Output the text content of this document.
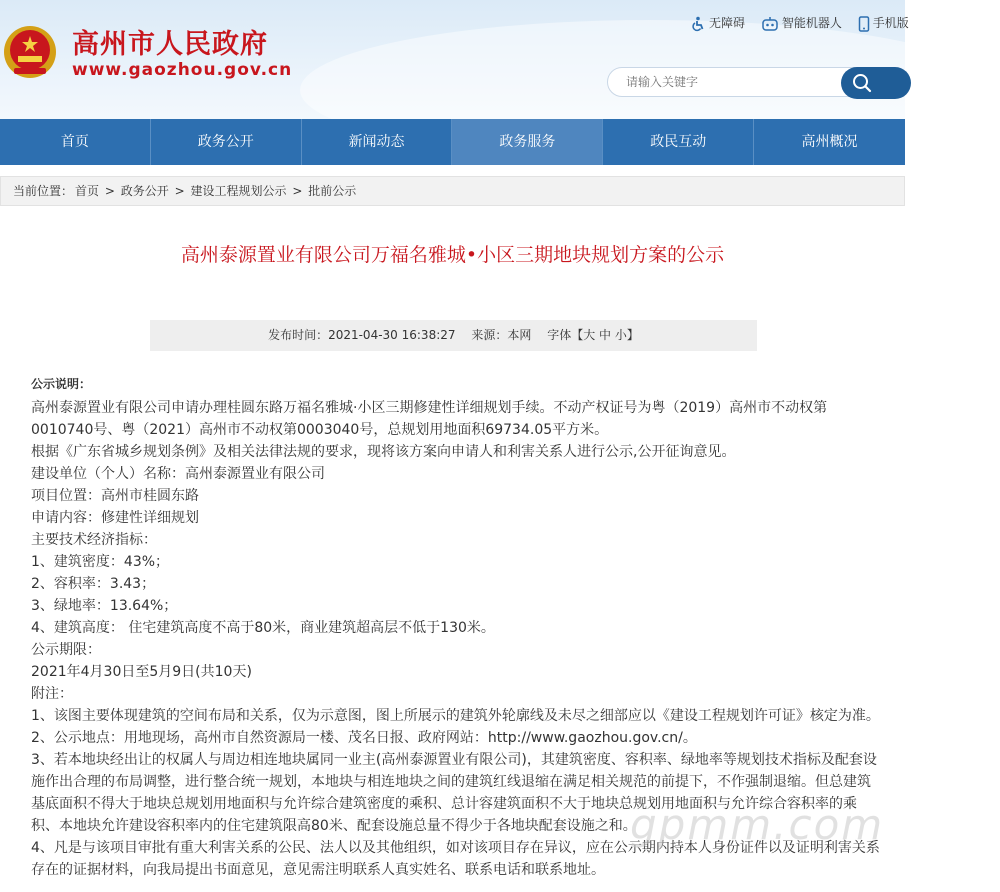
高州市人民政府
www.gaozhou.gov.cn
无障碍	智能机器人	手机版
请输入关键字
首页	政务公开	新闻动态	政务服务	政民互动	高州概况
当前位置： 首页 > 政务公开 > 建设工程规划公示 > 批前公示
高州泰源置业有限公司万福名雅城•小区三期地块规划方案的公示
发布时间：2021-04-30 16:38:27 来源：本网 字体【大 中 小】

公示说明：

高州泰源置业有限公司申请办理桂圆东路万福名雅城·小区三期修建性详细规划手续。不动产权证号为粤（2019）高州市不动权第0010740号、粤（2021）高州市不动权第0003040号，总规划用地面积69734.05平方米。

根据《广东省城乡规划条例》及相关法律法规的要求，现将该方案向申请人和利害关系人进行公示,公开征询意见。

建设单位（个人）名称：高州泰源置业有限公司

项目位置：高州市桂圆东路

申请内容：修建性详细规划

主要技术经济指标：

1、建筑密度：43%；

2、容积率：3.43；

3、绿地率：13.64%；

4、建筑高度： 住宅建筑高度不高于80米，商业建筑超高层不低于130米。

公示期限：

2021年4月30日至5月9日(共10天)

附注：

1、该图主要体现建筑的空间布局和关系，仅为示意图，图上所展示的建筑外轮廓线及未尽之细部应以《建设工程规划许可证》核定为准。

2、公示地点：用地现场，高州市自然资源局一楼、茂名日报、政府网站：http://www.gaozhou.gov.cn/。

3、若本地块经出让的权属人与周边相连地块属同一业主(高州泰源置业有限公司)，其建筑密度、容积率、绿地率等规划技术指标及配套设施作出合理的布局调整，进行整合统一规划，本地块与相连地块之间的建筑红线退缩在满足相关规范的前提下，不作强制退缩。但总建筑基底面积不得大于地块总规划用地面积与允许综合建筑密度的乘积、总计容建筑面积不大于地块总规划用地面积与允许综合容积率的乘积、本地块允许建设容积率内的住宅建筑限高80米、配套设施总量不得少于各地块配套设施之和。

4、凡是与该项目审批有重大利害关系的公民、法人以及其他组织，如对该项目存在异议，应在公示期内持本人身份证件以及证明利害关系存在的证据材料，向我局提出书面意见，意见需注明联系人真实姓名、联系电话和联系地址。

gpmm.com
